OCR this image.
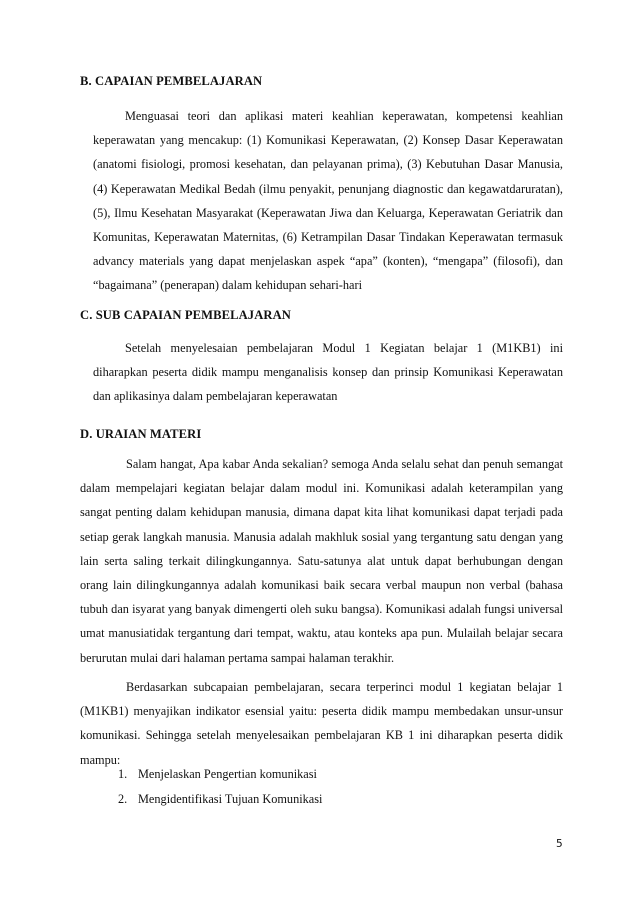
B. CAPAIAN PEMBELAJARAN
Menguasai teori dan aplikasi materi keahlian keperawatan, kompetensi keahlian keperawatan yang mencakup: (1) Komunikasi Keperawatan, (2) Konsep Dasar Keperawatan (anatomi fisiologi, promosi kesehatan, dan pelayanan prima), (3) Kebutuhan Dasar Manusia, (4) Keperawatan Medikal Bedah (ilmu penyakit, penunjang diagnostic dan kegawatdaruratan), (5), Ilmu Kesehatan Masyarakat (Keperawatan Jiwa dan Keluarga, Keperawatan Geriatrik dan Komunitas, Keperawatan Maternitas, (6) Ketrampilan Dasar Tindakan Keperawatan termasuk advancy materials yang dapat menjelaskan aspek “apa” (konten), “mengapa” (filosofi), dan “bagaimana” (penerapan) dalam kehidupan sehari-hari
C. SUB CAPAIAN PEMBELAJARAN
Setelah menyelesaian pembelajaran Modul 1 Kegiatan belajar 1 (M1KB1) ini diharapkan peserta didik mampu menganalisis konsep dan prinsip Komunikasi Keperawatan dan aplikasinya dalam pembelajaran keperawatan
D. URAIAN MATERI
Salam hangat, Apa kabar Anda sekalian? semoga Anda selalu sehat dan penuh semangat dalam mempelajari kegiatan belajar dalam modul ini. Komunikasi adalah keterampilan yang sangat penting dalam kehidupan manusia, dimana dapat kita lihat komunikasi dapat terjadi pada setiap gerak langkah manusia. Manusia adalah makhluk sosial yang tergantung satu dengan yang lain serta saling terkait dilingkungannya. Satu-satunya alat untuk dapat berhubungan dengan orang lain dilingkungannya adalah komunikasi baik secara verbal maupun non verbal (bahasa tubuh dan isyarat yang banyak dimengerti oleh suku bangsa). Komunikasi adalah fungsi universal umat manusiatidak tergantung dari tempat, waktu, atau konteks apa pun. Mulailah belajar secara berurutan mulai dari halaman pertama sampai halaman terakhir.
Berdasarkan subcapaian pembelajaran, secara terperinci modul 1 kegiatan belajar 1 (M1KB1) menyajikan indikator esensial yaitu: peserta didik mampu membedakan unsur-unsur komunikasi. Sehingga setelah menyelesaikan pembelajaran KB 1 ini diharapkan peserta didik mampu:
1. Menjelaskan Pengertian komunikasi
2. Mengidentifikasi Tujuan Komunikasi
5
